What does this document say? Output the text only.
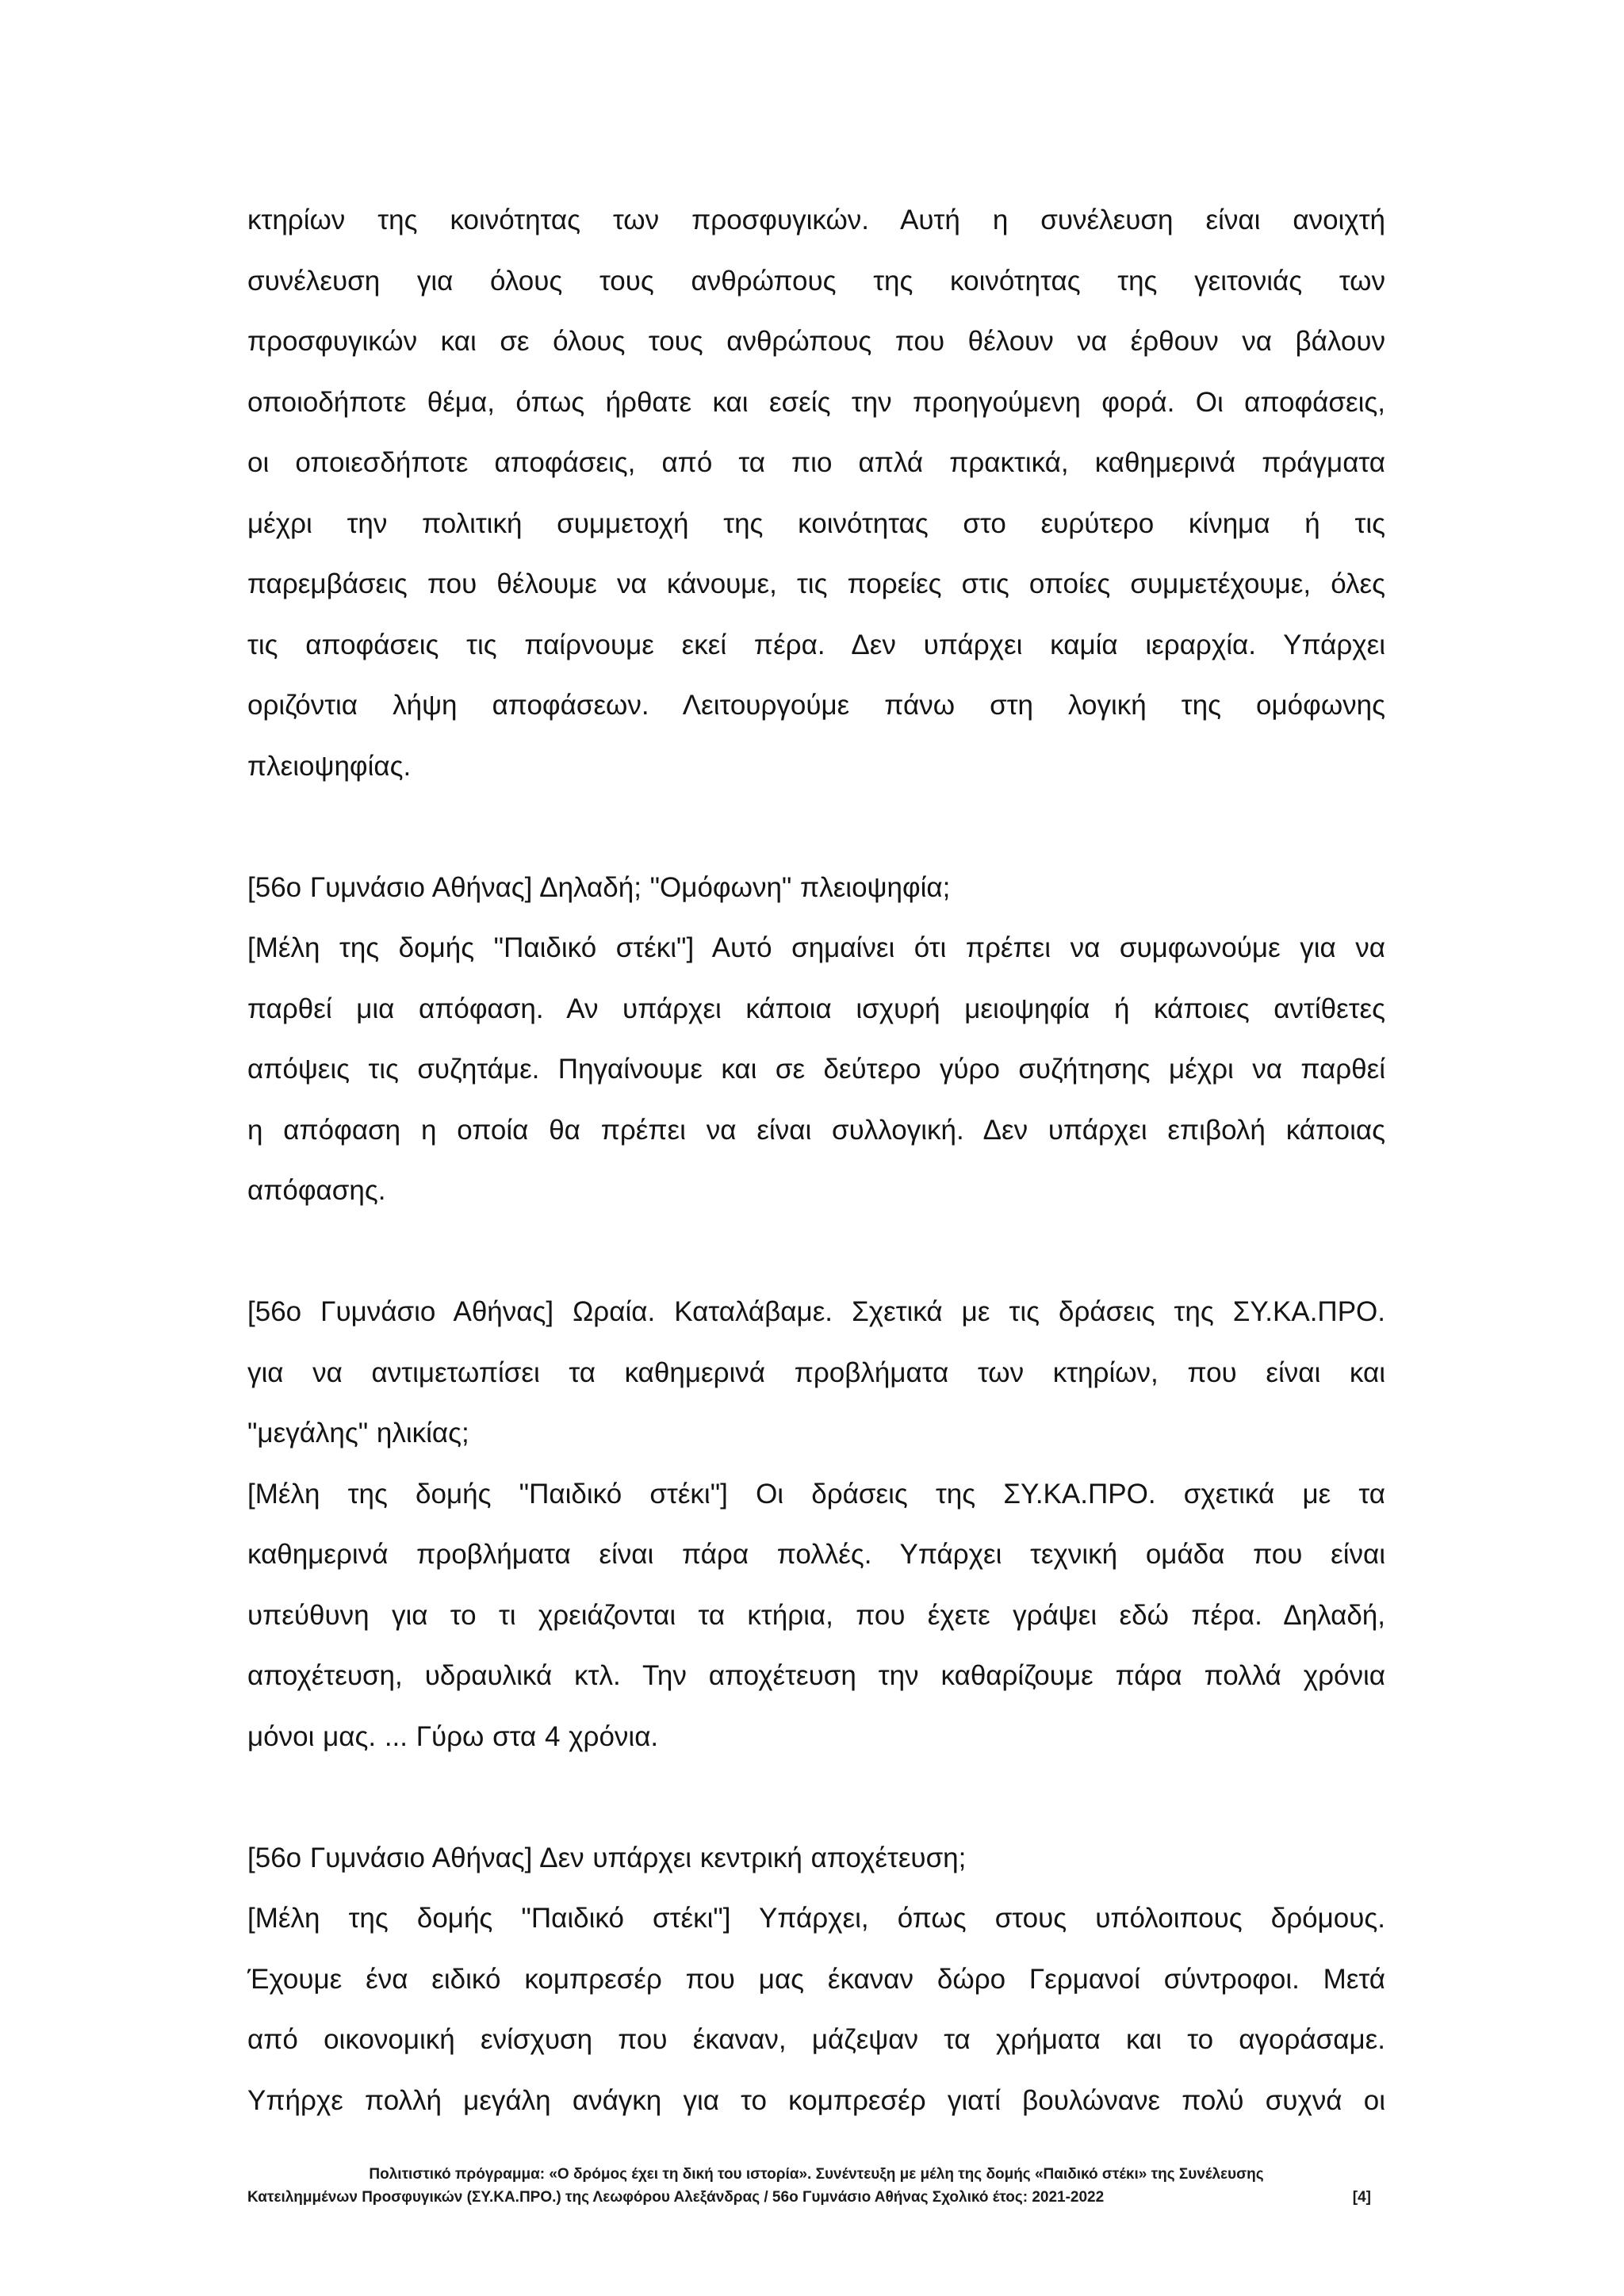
κτηρίων της κοινότητας των προσφυγικών. Αυτή η συνέλευση είναι ανοιχτή
συνέλευση για όλους τους ανθρώπους της κοινότητας της γειτονιάς των
προσφυγικών και σε όλους τους ανθρώπους που θέλουν να έρθουν να βάλουν
οποιοδήποτε θέμα, όπως ήρθατε και εσείς την προηγούμενη φορά. Οι αποφάσεις,
οι οποιεσδήποτε αποφάσεις, από τα πιο απλά πρακτικά, καθημερινά πράγματα
μέχρι την πολιτική συμμετοχή της κοινότητας στο ευρύτερο κίνημα ή τις
παρεμβάσεις που θέλουμε να κάνουμε, τις πορείες στις οποίες συμμετέχουμε, όλες
τις αποφάσεις τις παίρνουμε εκεί πέρα. Δεν υπάρχει καμία ιεραρχία. Υπάρχει
οριζόντια λήψη αποφάσεων. Λειτουργούμε πάνω στη λογική της ομόφωνης
πλειοψηφίας.
[56ο Γυμνάσιο Αθήνας] Δηλαδή; "Ομόφωνη" πλειοψηφία;
[Μέλη της δομής "Παιδικό στέκι"] Αυτό σημαίνει ότι πρέπει να συμφωνούμε για να
παρθεί μια απόφαση. Αν υπάρχει κάποια ισχυρή μειοψηφία ή κάποιες αντίθετες
απόψεις τις συζητάμε. Πηγαίνουμε και σε δεύτερο γύρο συζήτησης μέχρι να παρθεί
η απόφαση η οποία θα πρέπει να είναι συλλογική. Δεν υπάρχει επιβολή κάποιας
απόφασης.
[56ο Γυμνάσιο Αθήνας] Ωραία. Καταλάβαμε. Σχετικά με τις δράσεις της ΣΥ.ΚΑ.ΠΡΟ.
για να αντιμετωπίσει τα καθημερινά προβλήματα των κτηρίων, που είναι και
"μεγάλης" ηλικίας;
[Μέλη της δομής "Παιδικό στέκι"] Οι δράσεις της ΣΥ.ΚΑ.ΠΡΟ. σχετικά με τα
καθημερινά προβλήματα είναι πάρα πολλές. Υπάρχει τεχνική ομάδα που είναι
υπεύθυνη για το τι χρειάζονται τα κτήρια, που έχετε γράψει εδώ πέρα. Δηλαδή,
αποχέτευση, υδραυλικά κτλ. Την αποχέτευση την καθαρίζουμε πάρα πολλά χρόνια
μόνοι μας. ... Γύρω στα 4 χρόνια.
[56ο Γυμνάσιο Αθήνας] Δεν υπάρχει κεντρική αποχέτευση;
[Μέλη της δομής "Παιδικό στέκι"] Υπάρχει, όπως στους υπόλοιπους δρόμους.
Έχουμε ένα ειδικό κομπρεσέρ που μας έκαναν δώρο Γερμανοί σύντροφοι. Μετά
από οικονομική ενίσχυση που έκαναν, μάζεψαν τα χρήματα και το αγοράσαμε.
Υπήρχε πολλή μεγάλη ανάγκη για το κομπρεσέρ γιατί βουλώνανε πολύ συχνά οι
Πολιτιστικό πρόγραμμα: «Ο δρόμος έχει τη δική του ιστορία». Συνέντευξη με μέλη της δομής «Παιδικό στέκι» της Συνέλευσης
Κατειλημμένων Προσφυγικών (ΣΥ.ΚΑ.ΠΡΟ.) της Λεωφόρου Αλεξάνδρας / 56ο Γυμνάσιο Αθήνας Σχολικό έτος: 2021-2022	[4]
